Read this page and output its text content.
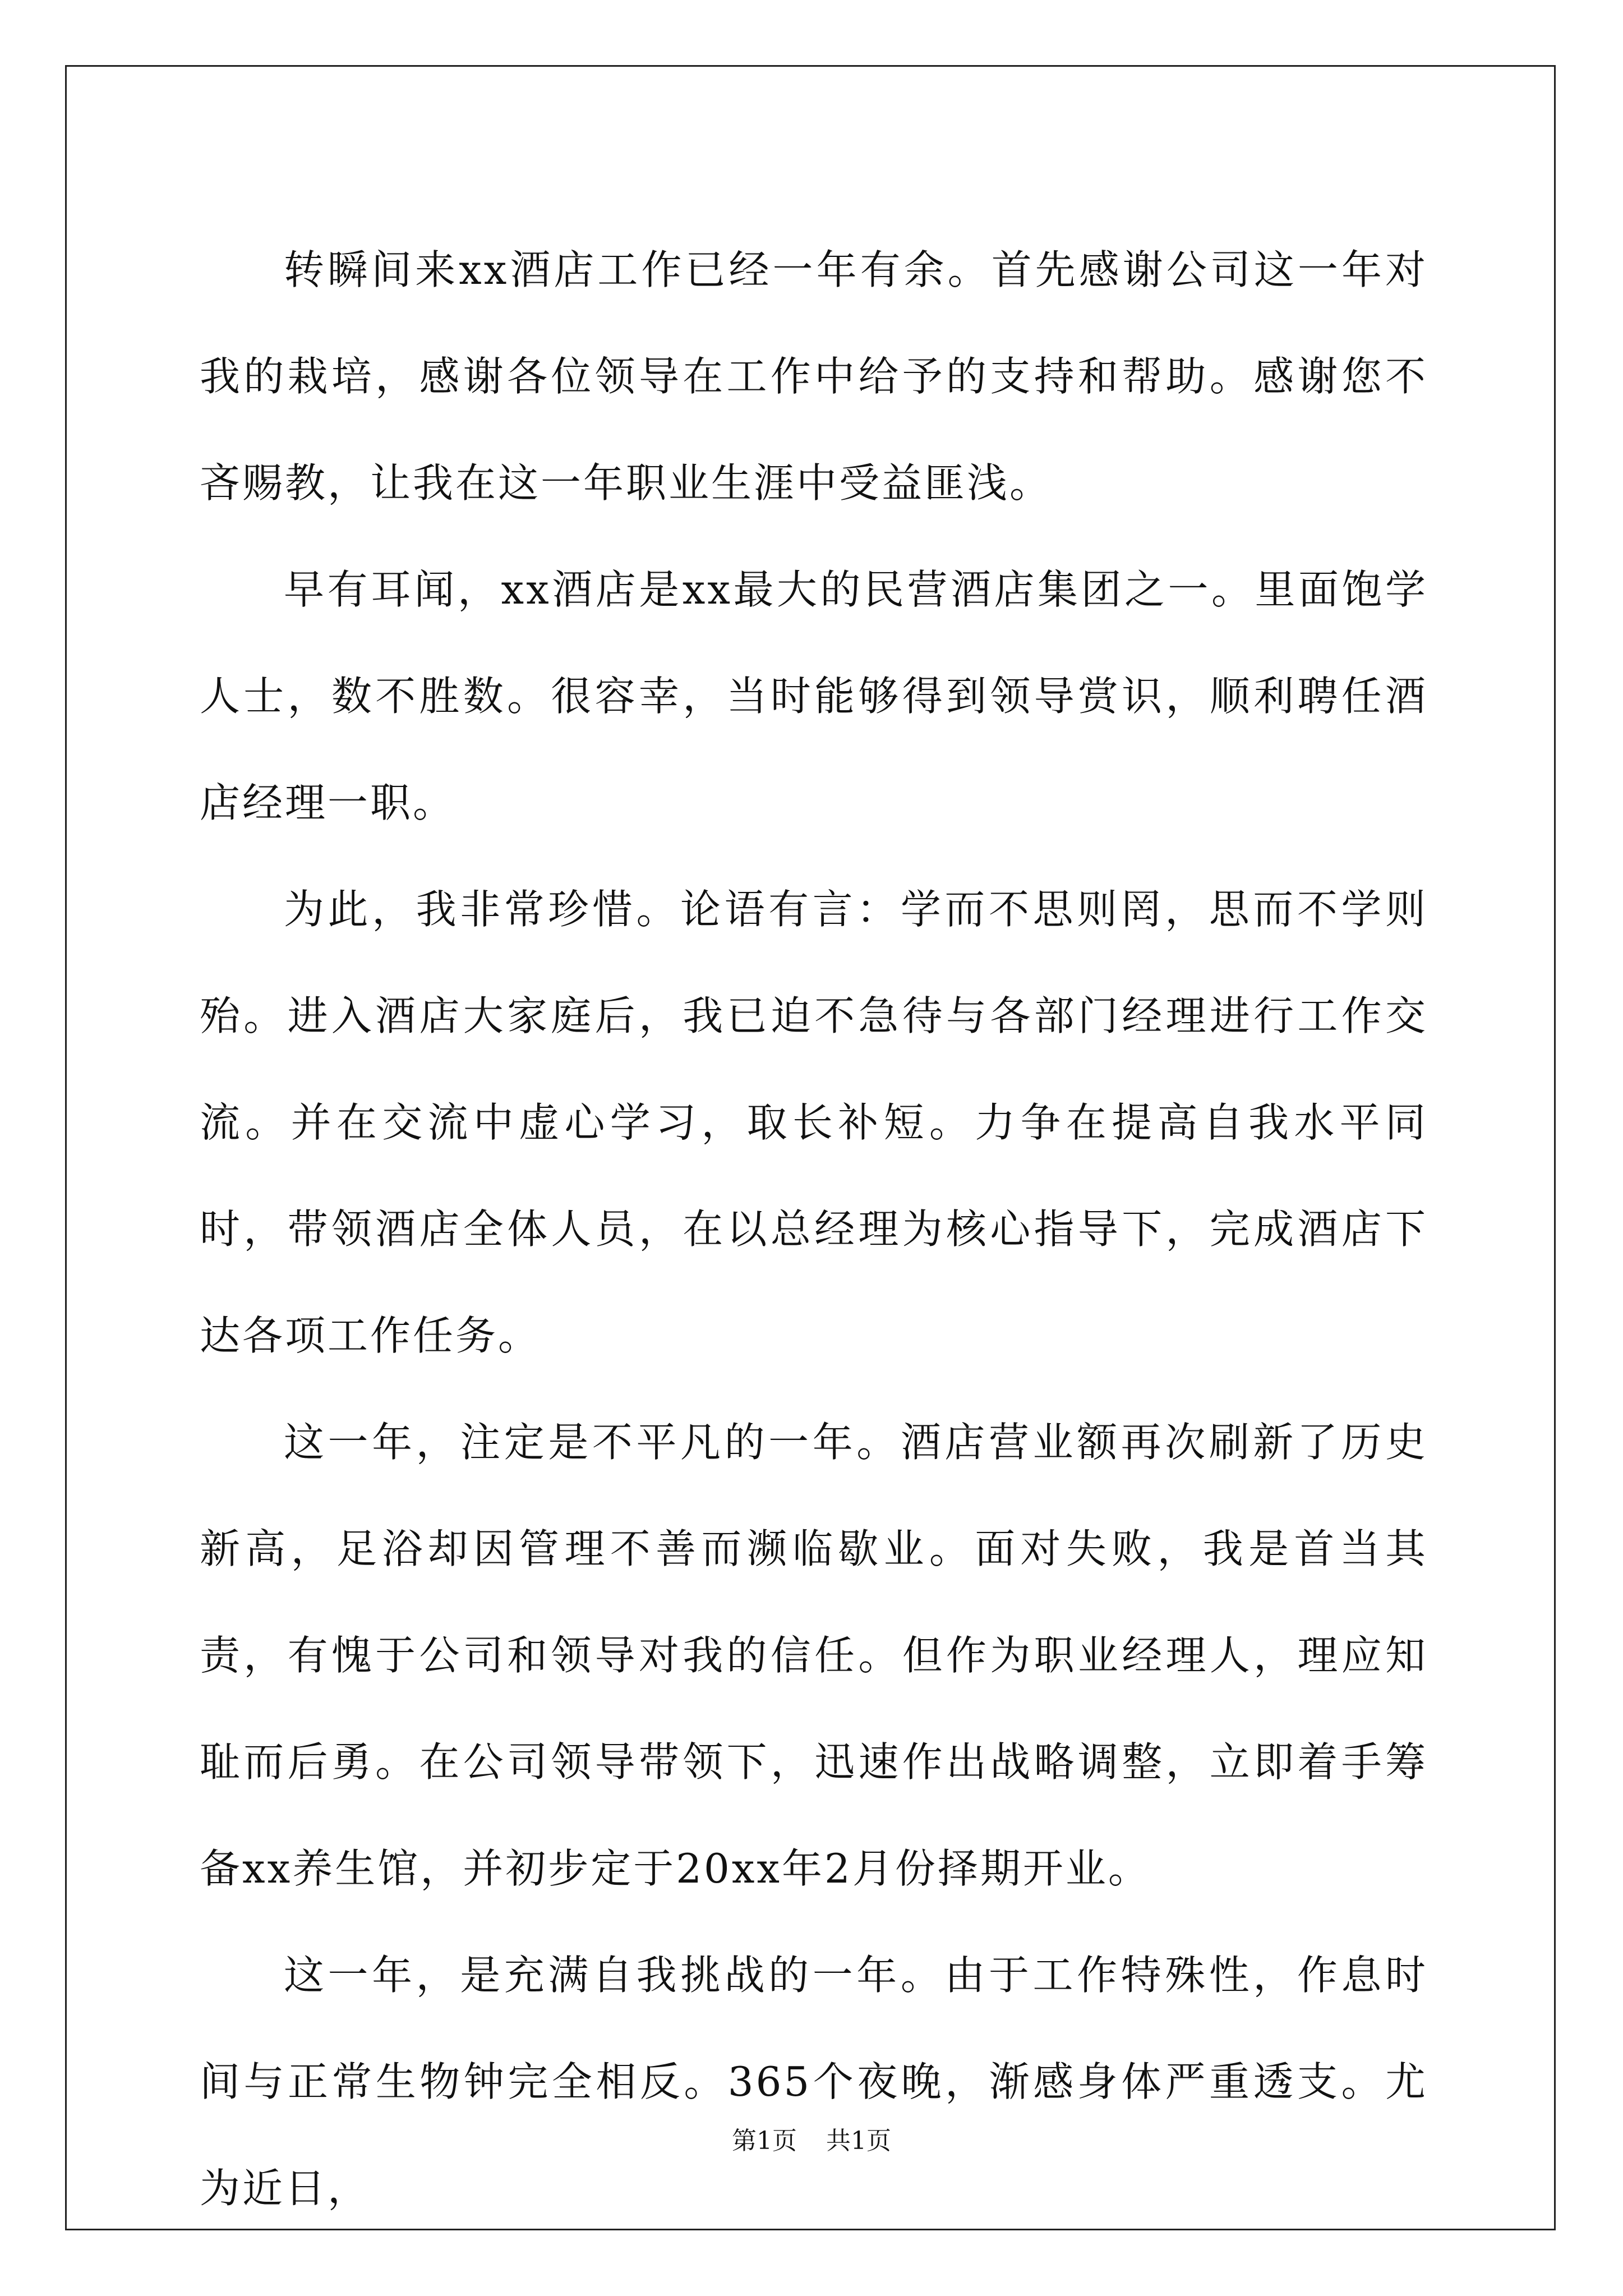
转瞬间来xx酒店工作已经一年有余。首先感谢公司这一年对我的栽培，感谢各位领导在工作中给予的支持和帮助。感谢您不吝赐教，让我在这一年职业生涯中受益匪浅。

早有耳闻，xx酒店是xx最大的民营酒店集团之一。里面饱学人士，数不胜数。很容幸，当时能够得到领导赏识，顺利聘任酒店经理一职。

为此，我非常珍惜。论语有言：学而不思则罔，思而不学则殆。进入酒店大家庭后，我已迫不急待与各部门经理进行工作交流。并在交流中虚心学习，取长补短。力争在提高自我水平同时，带领酒店全体人员，在以总经理为核心指导下，完成酒店下达各项工作任务。

这一年，注定是不平凡的一年。酒店营业额再次刷新了历史新高，足浴却因管理不善而濒临歇业。面对失败，我是首当其责，有愧于公司和领导对我的信任。但作为职业经理人，理应知耻而后勇。在公司领导带领下，迅速作出战略调整，立即着手筹备xx养生馆，并初步定于20xx年2月份择期开业。

这一年，是充满自我挑战的一年。由于工作特殊性，作息时间与正常生物钟完全相反。365个夜晚，渐感身体严重透支。尤为近日，

第1页 共1页
